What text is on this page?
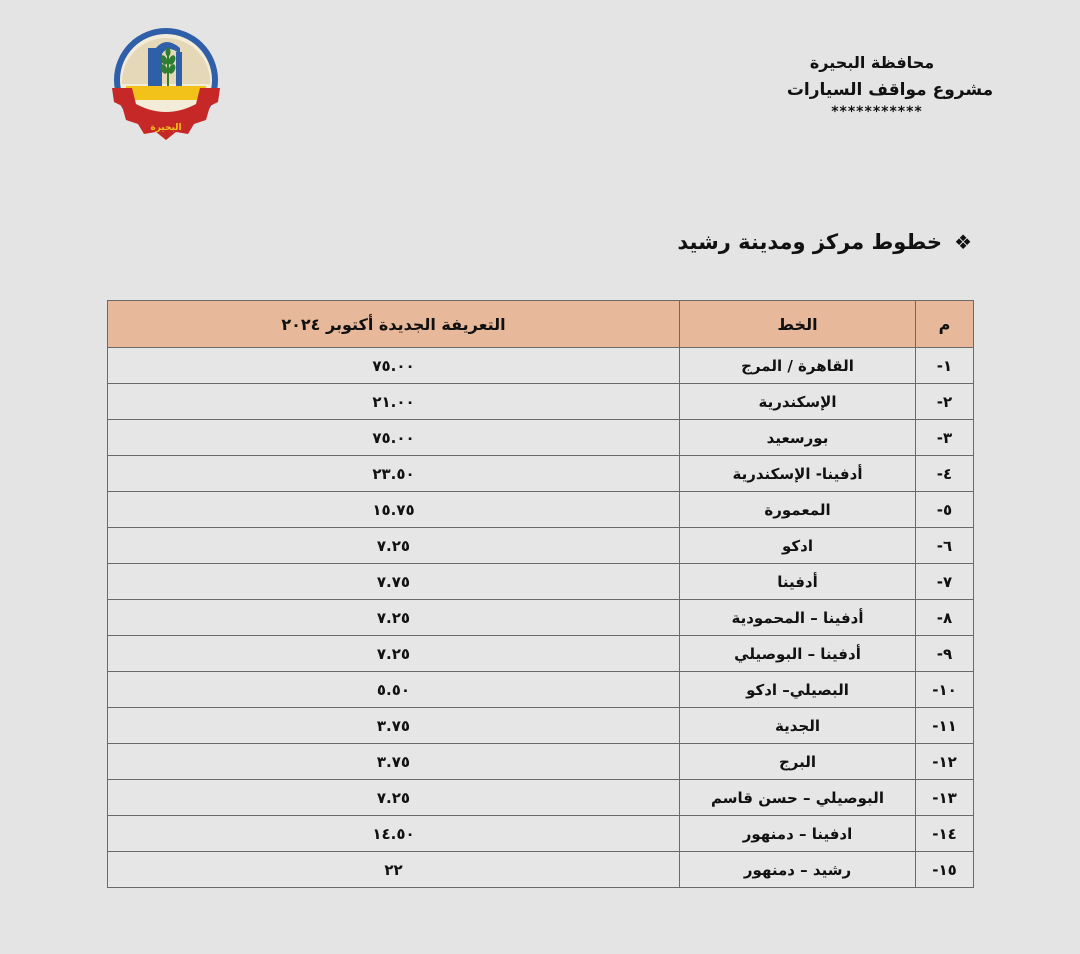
البحيرة
محافظة البحيرة
مشروع مواقف السيارات
***********
❖
خطوط مركز ومدينة رشيد
م	الخط	التعريفة الجديدة أكتوبر ٢٠٢٤
١-	القاهرة / المرج	٧٥.٠٠
٢-	الإسكندرية	٢١.٠٠
٣-	بورسعيد	٧٥.٠٠
٤-	أدفينا- الإسكندرية	٢٣.٥٠
٥-	المعمورة	١٥.٧٥
٦-	ادكو	٧.٢٥
٧-	أدفينا	٧.٧٥
٨-	أدفينا – المحمودية	٧.٢٥
٩-	أدفينا – البوصيلي	٧.٢٥
١٠-	البصيلي– ادكو	٥.٥٠
١١-	الجدية	٣.٧٥
١٢-	البرج	٣.٧٥
١٣-	البوصيلي – حسن قاسم	٧.٢٥
١٤-	ادفينا – دمنهور	١٤.٥٠
١٥-	رشيد – دمنهور	٢٢
